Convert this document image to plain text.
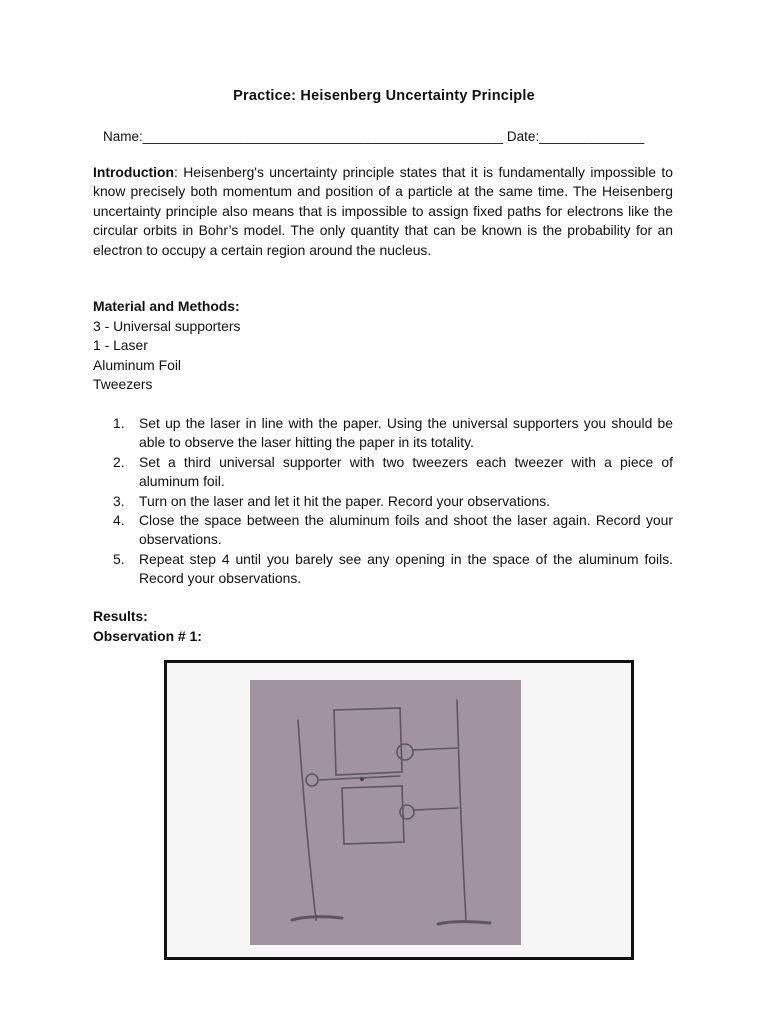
Practice: Heisenberg Uncertainty Principle
Name:________________________________________________ Date:______________
Introduction: Heisenberg's uncertainty principle states that it is fundamentally impossible to know precisely both momentum and position of a particle at the same time. The Heisenberg uncertainty principle also means that is impossible to assign fixed paths for electrons like the circular orbits in Bohr’s model. The only quantity that can be known is the probability for an electron to occupy a certain region around the nucleus.
Material and Methods:
3 - Universal supporters
1 - Laser
Aluminum Foil
Tweezers
1. Set up the laser in line with the paper. Using the universal supporters you should be able to observe the laser hitting the paper in its totality.
2. Set a third universal supporter with two tweezers each tweezer with a piece of aluminum foil.
3. Turn on the laser and let it hit the paper. Record your observations.
4. Close the space between the aluminum foils and shoot the laser again. Record your observations.
5. Repeat step 4 until you barely see any opening in the space of the aluminum foils. Record your observations.
Results:
Observation # 1:
